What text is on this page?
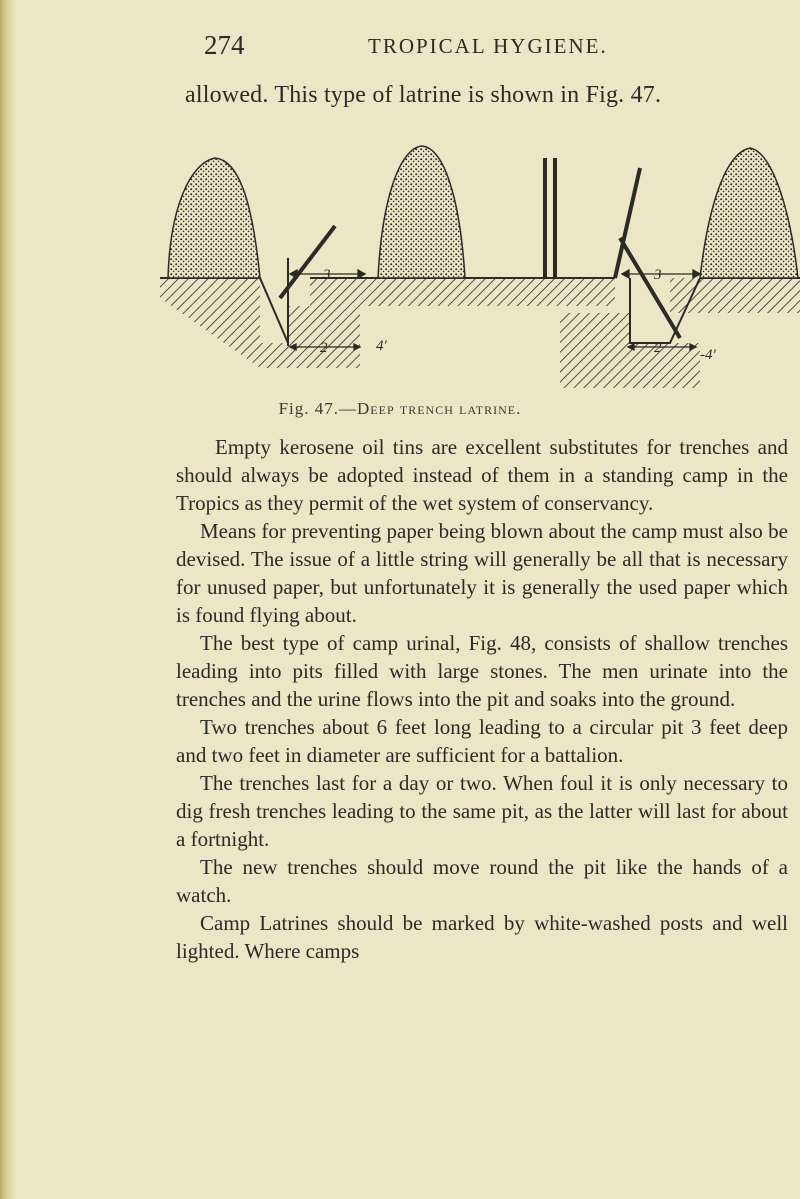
274	TROPICAL HYGIENE.
allowed. This type of latrine is shown in Fig. 47.
3
2	4'
3
2	-4'
Fig. 47.—Deep trench latrine.

Empty kerosene oil tins are excellent substitutes for trenches and should always be adopted instead of them in a standing camp in the Tropics as they permit of the wet system of conservancy.

Means for preventing paper being blown about the camp must also be devised. The issue of a little string will generally be all that is necessary for unused paper, but unfortunately it is generally the used paper which is found flying about.

The best type of camp urinal, Fig. 48, consists of shallow trenches leading into pits filled with large stones. The men urinate into the trenches and the urine flows into the pit and soaks into the ground.

Two trenches about 6 feet long leading to a circular pit 3 feet deep and two feet in diameter are sufficient for a battalion.

The trenches last for a day or two. When foul it is only necessary to dig fresh trenches leading to the same pit, as the latter will last for about a fortnight.

The new trenches should move round the pit like the hands of a watch.

Camp Latrines should be marked by white-washed posts and well lighted. Where camps
